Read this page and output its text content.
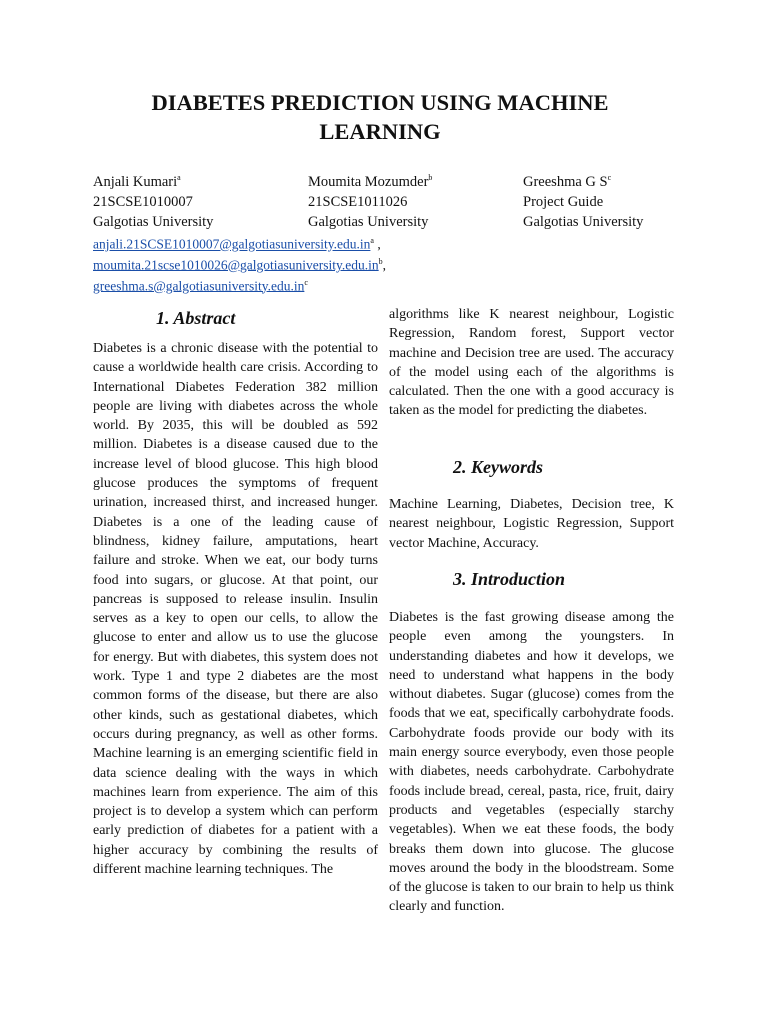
DIABETES PREDICTION USING MACHINE
LEARNING
Anjali Kumari$^a$
21SCSE1010007
Galgotias University
Moumita Mozumder$^b$
21SCSE1011026
Galgotias University
Greeshma G $S^c$
Project Guide
Galgotias University
$anjali.21SCSE1010007@galgotiasuniversity.edu.in^a$ ,
$moumita.21scse1010026@galgotiasuniversity.edu.in^b$,
$greeshma.s@galgotiasuniversity.edu.in^c$
1. Abstract

Diabetes is a chronic disease with the potential to cause a worldwide health care crisis. According to International Diabetes Federation 382 million people are living with diabetes across the whole world. By 2035, this will be doubled as 592 million. Diabetes is a disease caused due to the increase level of blood glucose. This high blood glucose produces the symptoms of frequent urination, increased thirst, and increased hunger. Diabetes is a one of the leading cause of blindness, kidney failure, amputations, heart failure and stroke. When we eat, our body turns food into sugars, or glucose. At that point, our pancreas is supposed to release insulin. Insulin serves as a key to open our cells, to allow the glucose to enter and allow us to use the glucose for energy. But with diabetes, this system does not work. Type 1 and type 2 diabetes are the most common forms of the disease, but there are also other kinds, such as gestational diabetes, which occurs during pregnancy, as well as other forms. Machine learning is an emerging scientific field in data science dealing with the ways in which machines learn from experience. The aim of this project is to develop a system which can perform early prediction of diabetes for a patient with a higher accuracy by combining the results of different machine learning techniques. The

algorithms like K nearest neighbour, Logistic Regression, Random forest, Support vector machine and Decision tree are used. The accuracy of the model using each of the algorithms is calculated. Then the one with a good accuracy is taken as the model for predicting the diabetes.

2. Keywords

Machine Learning, Diabetes, Decision tree, K nearest neighbour, Logistic Regression, Support vector Machine, Accuracy.

3. Introduction

Diabetes is the fast growing disease among the people even among the youngsters. In understanding diabetes and how it develops, we need to understand what happens in the body without diabetes. Sugar (glucose) comes from the foods that we eat, specifically carbohydrate foods. Carbohydrate foods provide our body with its main energy source everybody, even those people with diabetes, needs carbohydrate. Carbohydrate foods include bread, cereal, pasta, rice, fruit, dairy products and vegetables (especially starchy vegetables). When we eat these foods, the body breaks them down into glucose. The glucose moves around the body in the bloodstream. Some of the glucose is taken to our brain to help us think clearly and function.
